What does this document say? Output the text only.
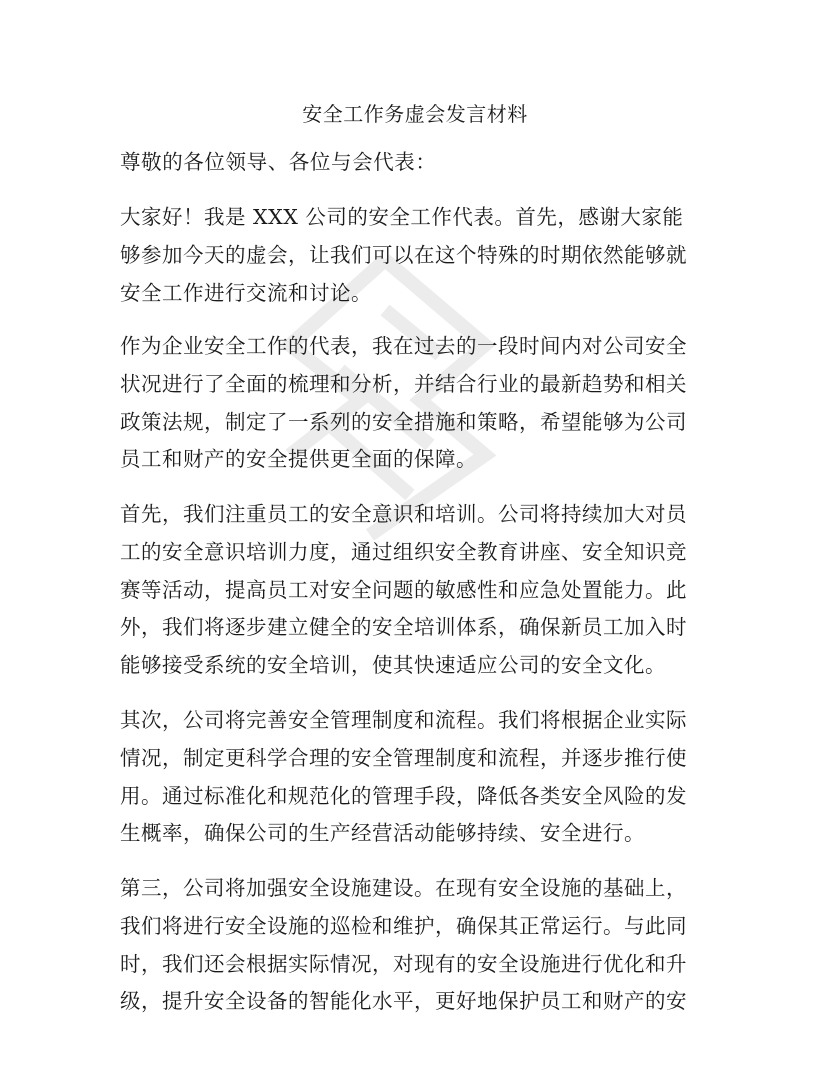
安全工作务虚会发言材料
尊敬的各位领导、各位与会代表：
大家好！我是 XXX 公司的安全工作代表。首先，感谢大家能
够参加今天的虚会，让我们可以在这个特殊的时期依然能够就
安全工作进行交流和讨论。
作为企业安全工作的代表，我在过去的一段时间内对公司安全
状况进行了全面的梳理和分析，并结合行业的最新趋势和相关
政策法规，制定了一系列的安全措施和策略，希望能够为公司
员工和财产的安全提供更全面的保障。
首先，我们注重员工的安全意识和培训。公司将持续加大对员
工的安全意识培训力度，通过组织安全教育讲座、安全知识竞
赛等活动，提高员工对安全问题的敏感性和应急处置能力。此
外，我们将逐步建立健全的安全培训体系，确保新员工加入时
能够接受系统的安全培训，使其快速适应公司的安全文化。
其次，公司将完善安全管理制度和流程。我们将根据企业实际
情况，制定更科学合理的安全管理制度和流程，并逐步推行使
用。通过标准化和规范化的管理手段，降低各类安全风险的发
生概率，确保公司的生产经营活动能够持续、安全进行。
第三，公司将加强安全设施建设。在现有安全设施的基础上，
我们将进行安全设施的巡检和维护，确保其正常运行。与此同
时，我们还会根据实际情况，对现有的安全设施进行优化和升
级，提升安全设备的智能化水平，更好地保护员工和财产的安
